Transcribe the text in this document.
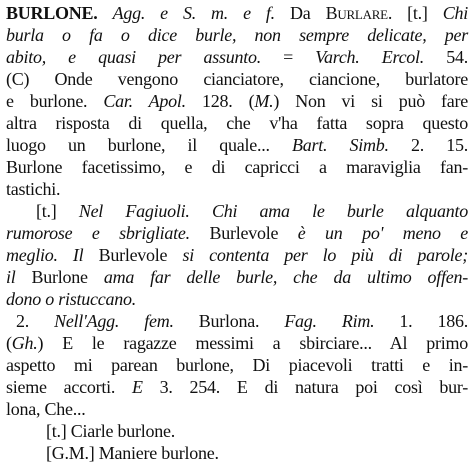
BURLONE. Agg. e S. m. e f. Da Burlare. [t.] Chi
burla o fa o dice burle, non sempre delicate, per
abito, e quasi per assunto. = Varch. Ercol. 54.
(C) Onde vengono cianciatore, ciancione, burlatore
e burlone. Car. Apol. 128. (M.) Non vi si può fare
altra risposta di quella, che v'ha fatta sopra questo
luogo un burlone, il quale... Bart. Simb. 2. 15.
Burlone facetissimo, e di capricci a maraviglia fan-
tastichi.
[t.] Nel Fagiuoli. Chi ama le burle alquanto
rumorose e sbrigliate. Burlevole è un po' meno e
meglio. Il Burlevole si contenta per lo più di parole;
il Burlone ama far delle burle, che da ultimo offen-
dono o ristuccano.
2. Nell'Agg. fem. Burlona. Fag. Rim. 1. 186.
(Gh.) E le ragazze messimi a sbirciare... Al primo
aspetto mi parean burlone, Di piacevoli tratti e in-
sieme accorti. E 3. 254. E di natura poi così bur-
lona, Che...
[t.] Ciarle burlone.
[G.M.] Maniere burlone.
